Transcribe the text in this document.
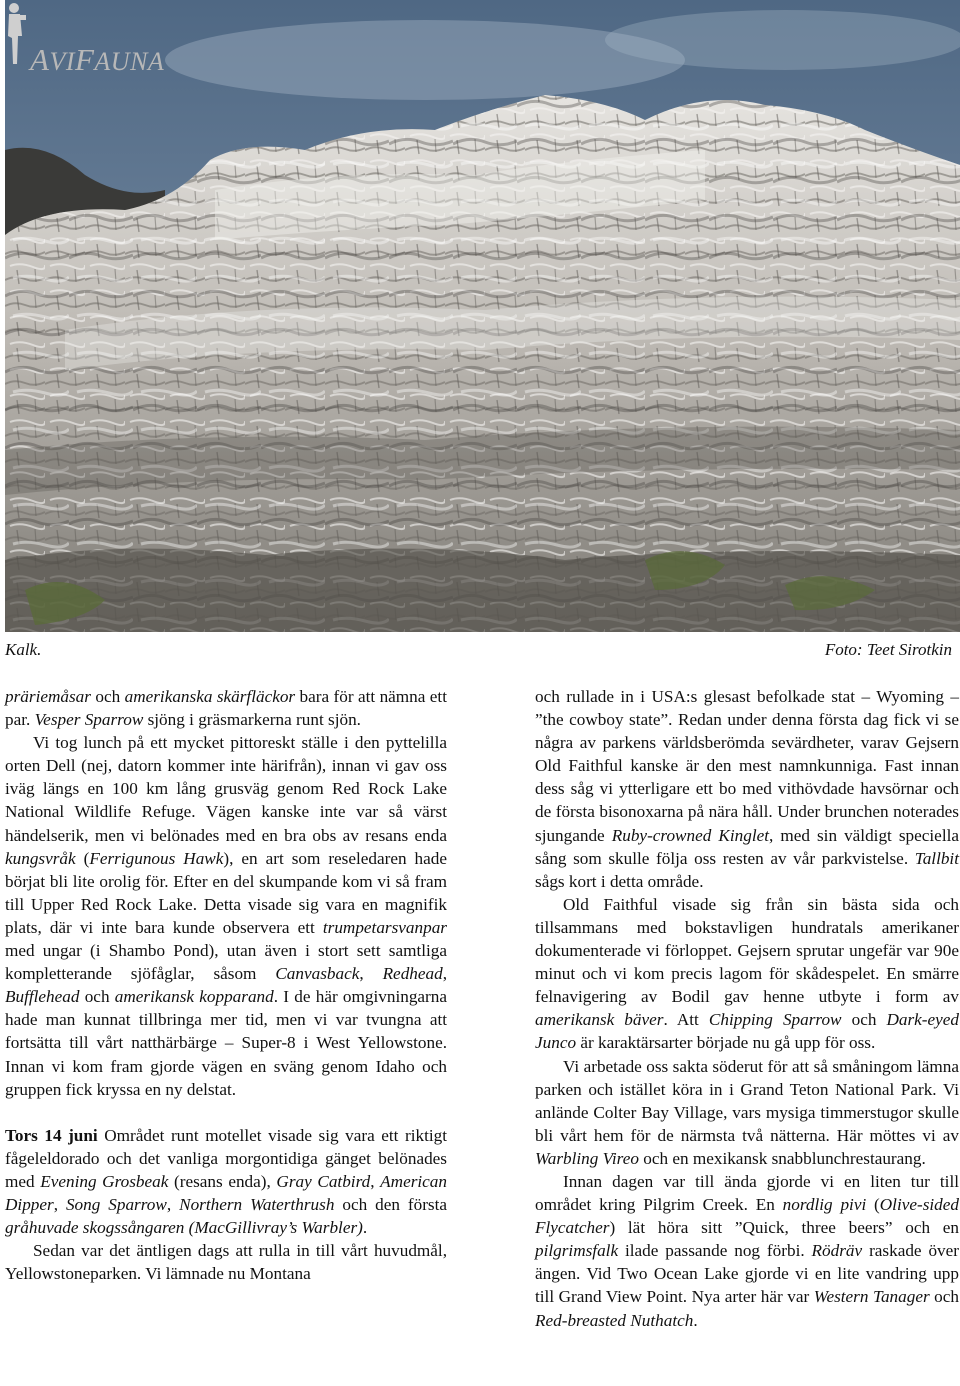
AVIFAUNA
Kalk.	Foto: Teet Sirotkin

präriemåsar och amerikanska skärfläckor bara för att nämna ett par. Vesper Sparrow sjöng i gräsmarkerna runt sjön.

Vi tog lunch på ett mycket pittoreskt ställe i den pyttelilla orten Dell (nej, datorn kommer inte härifrån), innan vi gav oss iväg längs en 100 km lång grusväg genom Red Rock Lake National Wildlife Refuge. Vägen kanske inte var så värst händelserik, men vi belönades med en bra obs av resans enda kungsvråk (Ferrigunous Hawk), en art som reseledaren hade börjat bli lite orolig för. Efter en del skumpande kom vi så fram till Upper Red Rock Lake. Detta visade sig vara en magnifik plats, där vi inte bara kunde observera ett trumpetarsvanpar med ungar (i Shambo Pond), utan även i stort sett samtliga kompletterande sjöfåglar, såsom Canvasback, Redhead, Bufflehead och amerikansk kopparand. I de här omgivningarna hade man kunnat tillbringa mer tid, men vi var tvungna att fortsätta till vårt natthärbärge – Super-8 i West Yellowstone. Innan vi kom fram gjorde vägen en sväng genom Idaho och gruppen fick kryssa en ny delstat.

Tors 14 juni Området runt motellet visade sig vara ett riktigt fågeleldorado och det vanliga morgontidiga gänget belönades med Evening Grosbeak (resans enda), Gray Catbird, American Dipper, Song Sparrow, Northern Waterthrush och den första gråhuvade skogssångaren (MacGillivray’s Warbler).

Sedan var det äntligen dags att rulla in till vårt huvudmål, Yellowstoneparken. Vi lämnade nu Montana

och rullade in i USA:s glesast befolkade stat – Wyoming – ”the cowboy state”. Redan under denna första dag fick vi se några av parkens världsberömda sevärdheter, varav Gejsern Old Faithful kanske är den mest namnkunniga. Fast innan dess såg vi ytterligare ett bo med vithövdade havsörnar och de första bisonoxarna på nära håll. Under brunchen noterades sjungande Ruby-crowned Kinglet, med sin väldigt speciella sång som skulle följa oss resten av vår parkvistelse. Tallbit sågs kort i detta område.

Old Faithful visade sig från sin bästa sida och tillsammans med bokstavligen hundratals amerikaner dokumenterade vi förloppet. Gejsern sprutar ungefär var 90e minut och vi kom precis lagom för skådespelet. En smärre felnavigering av Bodil gav henne utbyte i form av amerikansk bäver. Att Chipping Sparrow och Dark-eyed Junco är karaktärsarter började nu gå upp för oss.

Vi arbetade oss sakta söderut för att så småningom lämna parken och istället köra in i Grand Teton National Park. Vi anlände Colter Bay Village, vars mysiga timmerstugor skulle bli vårt hem för de närmsta två nätterna. Här möttes vi av Warbling Vireo och en mexikansk snabblunchrestaurang.

Innan dagen var till ända gjorde vi en liten tur till området kring Pilgrim Creek. En nordlig pivi (Olive-sided Flycatcher) lät höra sitt ”Quick, three beers” och en pilgrimsfalk ilade passande nog förbi. Rödräv raskade över ängen. Vid Two Ocean Lake gjorde vi en lite vandring upp till Grand View Point. Nya arter här var Western Tanager och Red-breasted Nuthatch.
